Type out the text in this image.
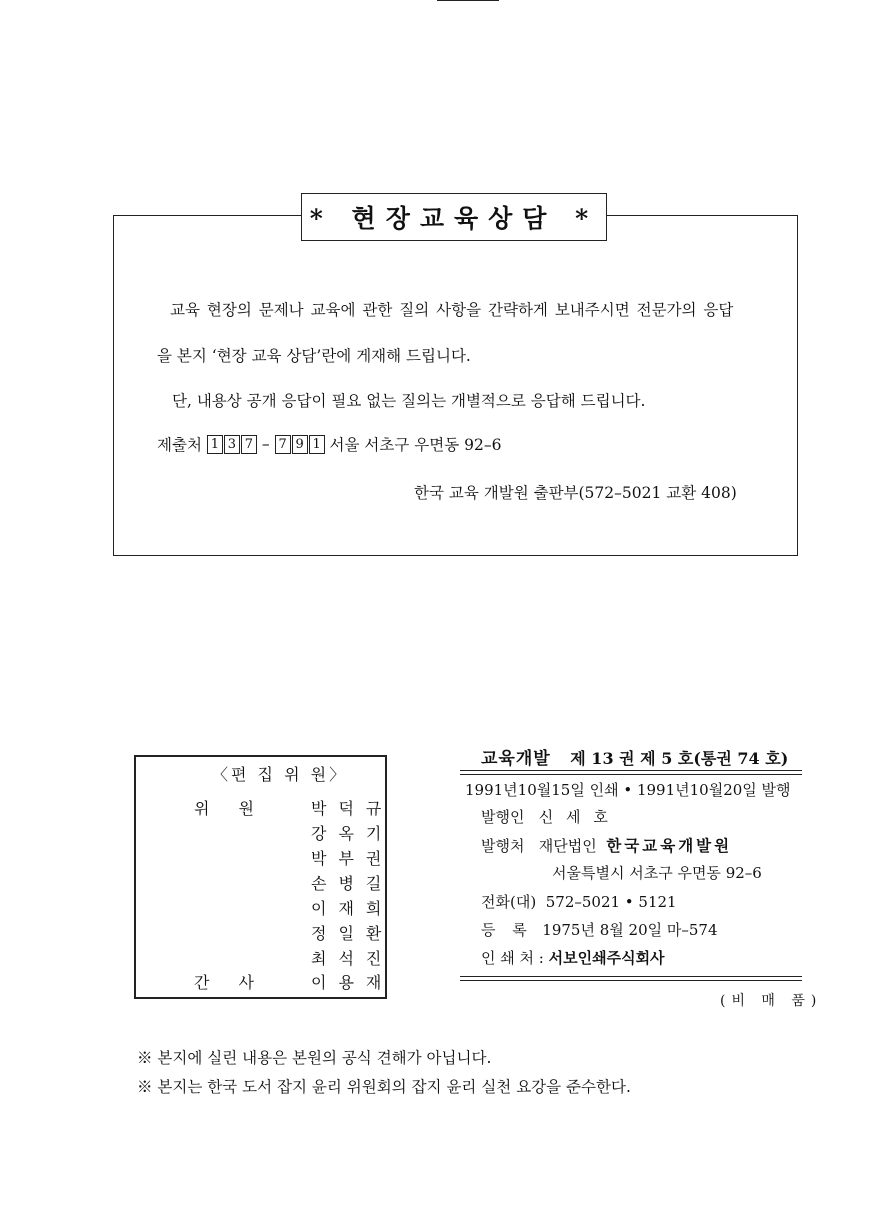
* 현장교육상담 *
교육 현장의 문제나 교육에 관한 질의 사항을 간략하게 보내주시면 전문가의 응답
을 본지 ‘현장 교육 상담’란에 게재해 드립니다.
단, 내용상 공개 응답이 필요 없는 질의는 개별적으로 응답해 드립니다.
제출처
1 3 7 – 7 9 1
서울 서초구 우면동 92–6
한국 교육 개발원 출판부(572–5021 교환 408)
〈편 집 위 원〉
위 원	박덕규
강옥기
박부권
손병길
이재희
정일환
최석진
간 사	이용재
교육개발 제 13 권 제 5 호(통권 74 호)
1991년10월15일 인쇄 • 1991년10월20일 발행
발행인 신 세 호
발행처 재단법인 한국교육개발원
서울특별시 서초구 우면동 92–6
전화(대) 572–5021 • 5121
등 록 1975년 8월 20일 마–574
인 쇄 처 : 서보인쇄주식회사
(비 매 품)
※ 본지에 실린 내용은 본원의 공식 견해가 아닙니다.
※ 본지는 한국 도서 잡지 윤리 위원회의 잡지 윤리 실천 요강을 준수한다.
